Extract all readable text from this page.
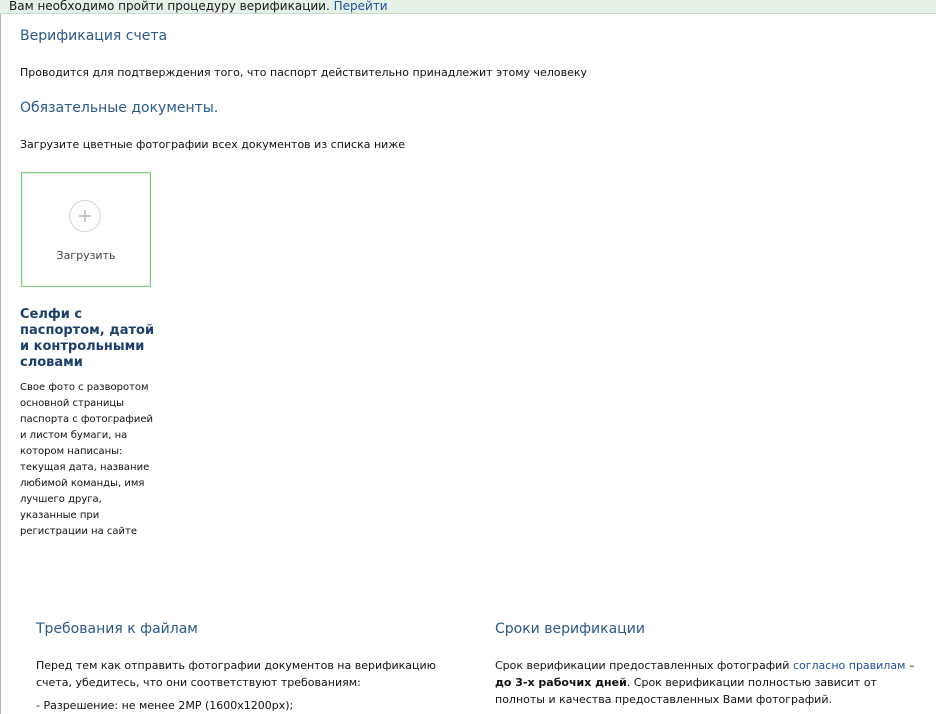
Вам необходимо пройти процедуру верификации. Перейти
Верификация счета

Проводится для подтверждения того, что паспорт действительно принадлежит этому человеку

Обязательные документы.

Загрузите цветные фотографии всех документов из списка ниже

Загрузить
Селфи с паспортом, датой и контрольными словами

Свое фото с разворотом основной страницы паспорта с фотографией и листом бумаги, на котором написаны: текущая дата, название любимой команды, имя лучшего друга, указанные при регистрации на сайте

Требования к файлам
Перед тем как отправить фотографии документов на верификацию
счета, убедитесь, что они соответствуют требованиям:
- Разрешение: не менее 2MP (1600x1200px);
Сроки верификации
Срок верификации предоставленных фотографий согласно правилам –
до 3-х рабочих дней. Срок верификации полностью зависит от
полноты и качества предоставленных Вами фотографий.
